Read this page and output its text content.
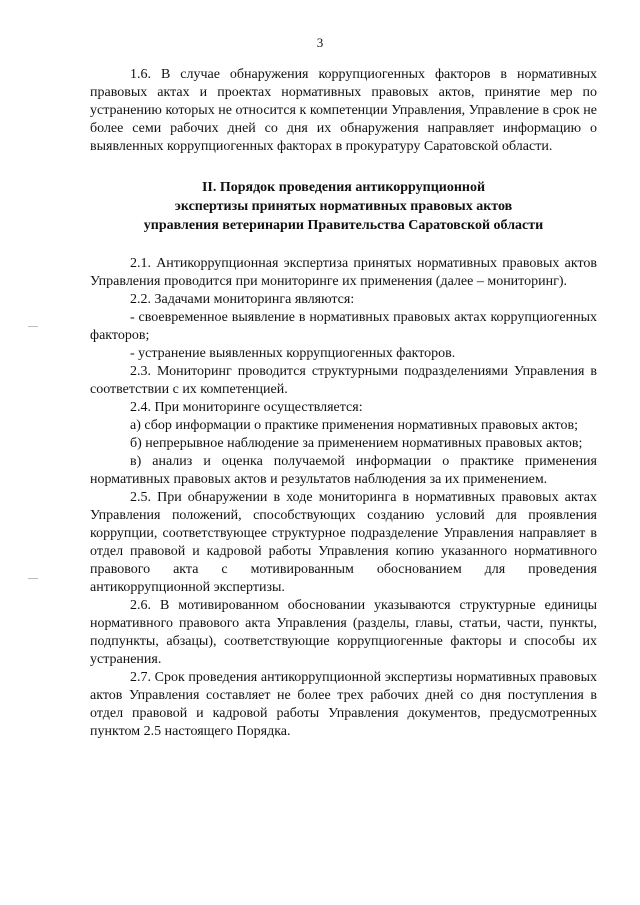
3

1.6. В случае обнаружения коррупциогенных факторов в нормативных правовых актах и проектах нормативных правовых актов, принятие мер по устранению которых не относится к компетенции Управления, Управление в срок не более семи рабочих дней со дня их обнаружения направляет информацию о выявленных коррупциогенных факторах в прокуратуру Саратовской области.

II. Порядок проведения антикоррупционной
экспертизы принятых нормативных правовых актов
управления ветеринарии Правительства Саратовской области

2.1. Антикоррупционная экспертиза принятых нормативных правовых актов Управления проводится при мониторинге их применения (далее – мониторинг).

2.2. Задачами мониторинга являются:

- своевременное выявление в нормативных правовых актах коррупциогенных факторов;

- устранение выявленных коррупциогенных факторов.

2.3. Мониторинг проводится структурными подразделениями Управления в соответствии с их компетенцией.

2.4. При мониторинге осуществляется:

а) сбор информации о практике применения нормативных правовых актов;

б) непрерывное наблюдение за применением нормативных правовых актов;

в) анализ и оценка получаемой информации о практике применения нормативных правовых актов и результатов наблюдения за их применением.

2.5. При обнаружении в ходе мониторинга в нормативных правовых актах Управления положений, способствующих созданию условий для проявления коррупции, соответствующее структурное подразделение Управления направляет в отдел правовой и кадровой работы Управления копию указанного нормативного правового акта с мотивированным обоснованием для проведения антикоррупционной экспертизы.

2.6. В мотивированном обосновании указываются структурные единицы нормативного правового акта Управления (разделы, главы, статьи, части, пункты, подпункты, абзацы), соответствующие коррупциогенные факторы и способы их устранения.

2.7. Срок проведения антикоррупционной экспертизы нормативных правовых актов Управления составляет не более трех рабочих дней со дня поступления в отдел правовой и кадровой работы Управления документов, предусмотренных пунктом 2.5 настоящего Порядка.
